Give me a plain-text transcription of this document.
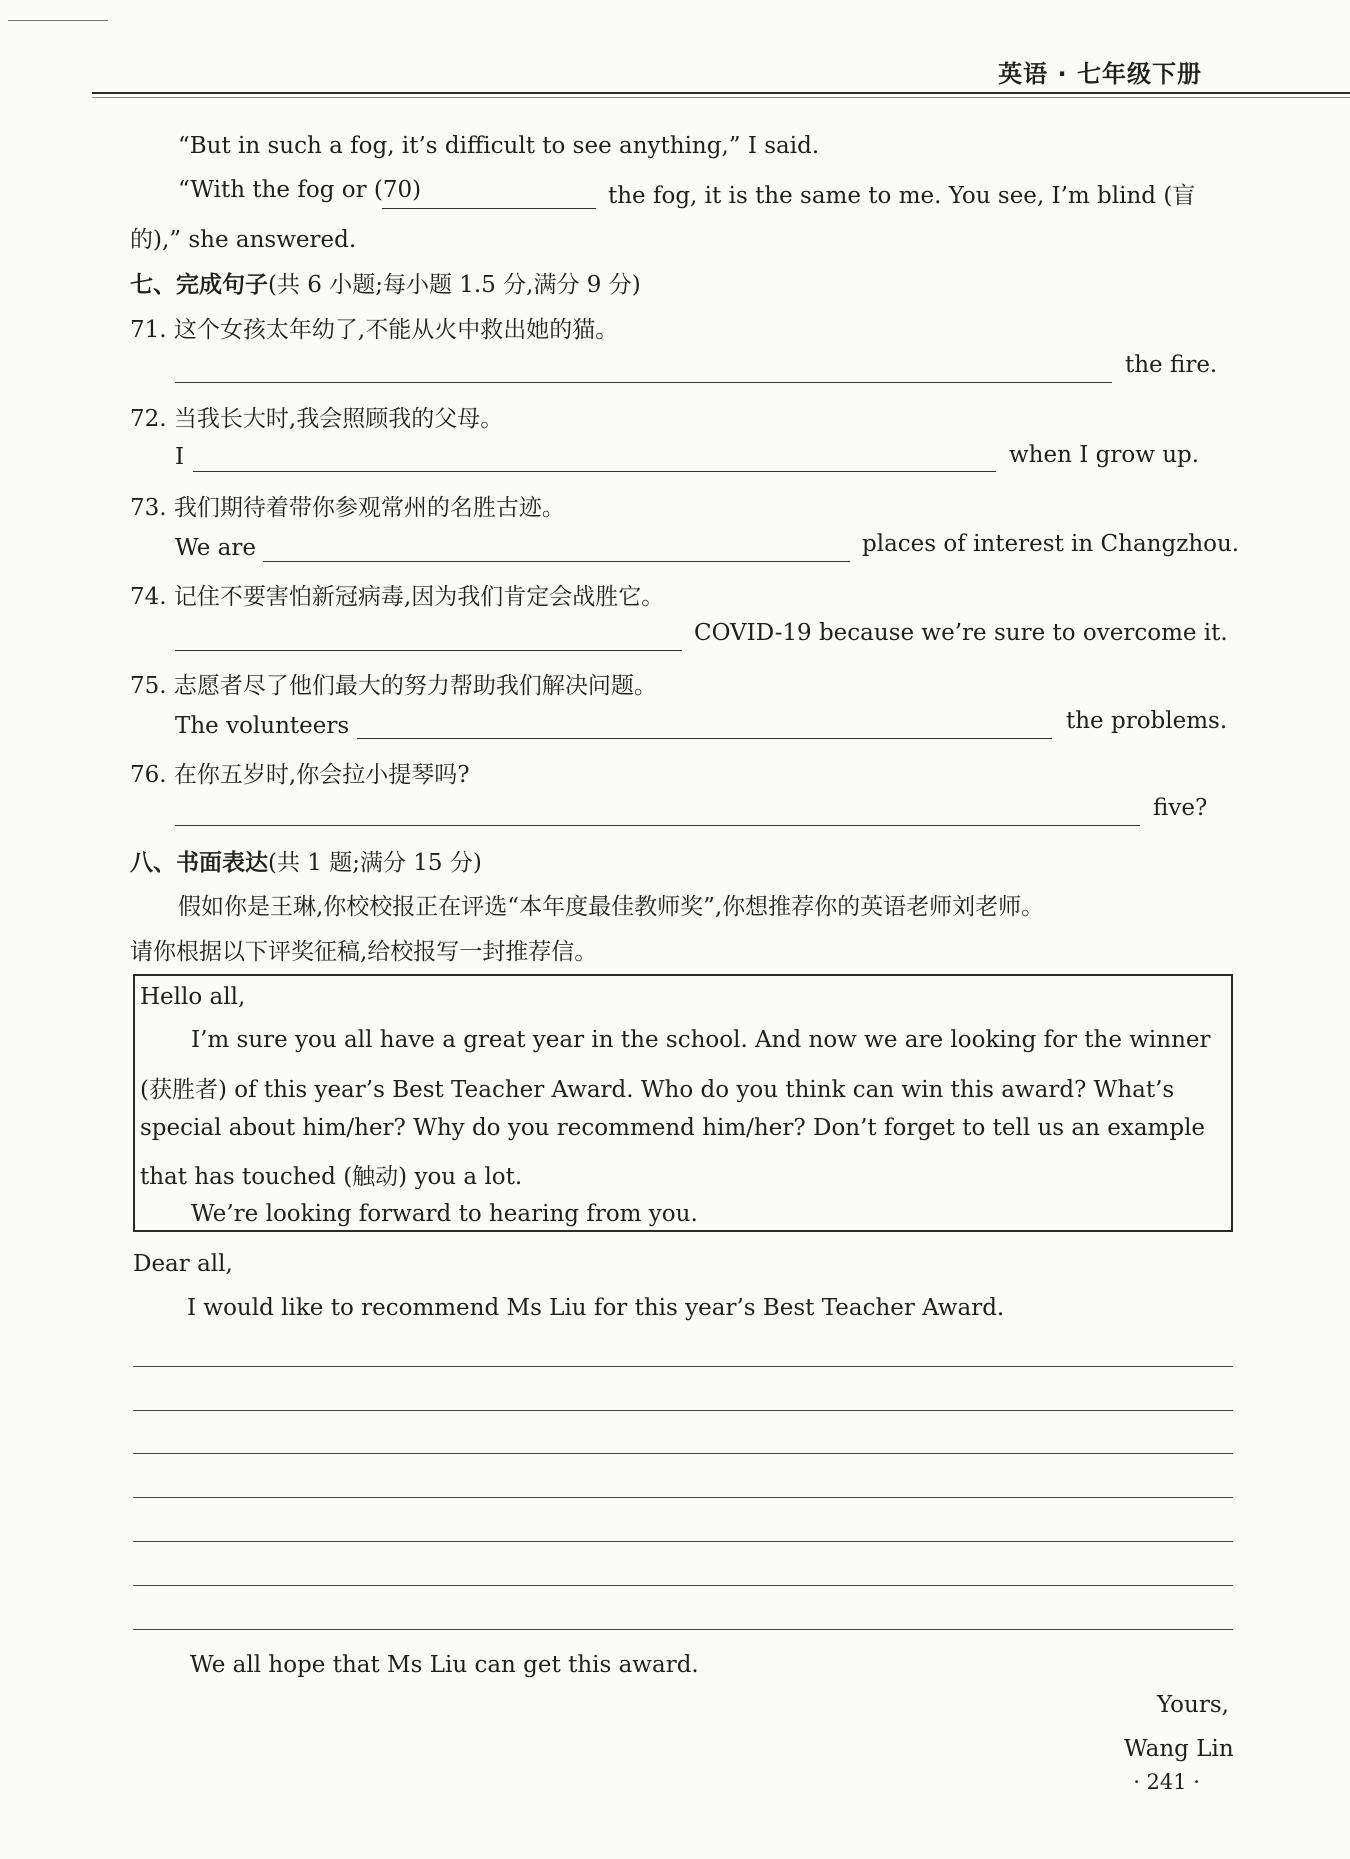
英语 · 七年级下册
“But in such a fog, it’s difficult to see anything,” I said.
“With the fog or (70)	the fog, it is the same to me. You see, I’m blind (盲
的),” she answered.
七、完成句子(共 6 小题;每小题 1.5 分,满分 9 分)
71. 这个女孩太年幼了,不能从火中救出她的猫。
the fire.
72. 当我长大时,我会照顾我的父母。
I	when I grow up.
73. 我们期待着带你参观常州的名胜古迹。
We are	places of interest in Changzhou.
74. 记住不要害怕新冠病毒,因为我们肯定会战胜它。
COVID-19 because we’re sure to overcome it.
75. 志愿者尽了他们最大的努力帮助我们解决问题。
The volunteers	the problems.
76. 在你五岁时,你会拉小提琴吗?
five?
八、书面表达(共 1 题;满分 15 分)
假如你是王琳,你校校报正在评选“本年度最佳教师奖”,你想推荐你的英语老师刘老师。
请你根据以下评奖征稿,给校报写一封推荐信。
Hello all,
I’m sure you all have a great year in the school. And now we are looking for the winner
(获胜者) of this year’s Best Teacher Award. Who do you think can win this award? What’s
special about him/her? Why do you recommend him/her? Don’t forget to tell us an example
that has touched (触动) you a lot.
We’re looking forward to hearing from you.
Dear all,
I would like to recommend Ms Liu for this year’s Best Teacher Award.
We all hope that Ms Liu can get this award.
Yours,
Wang Lin
· 241 ·
